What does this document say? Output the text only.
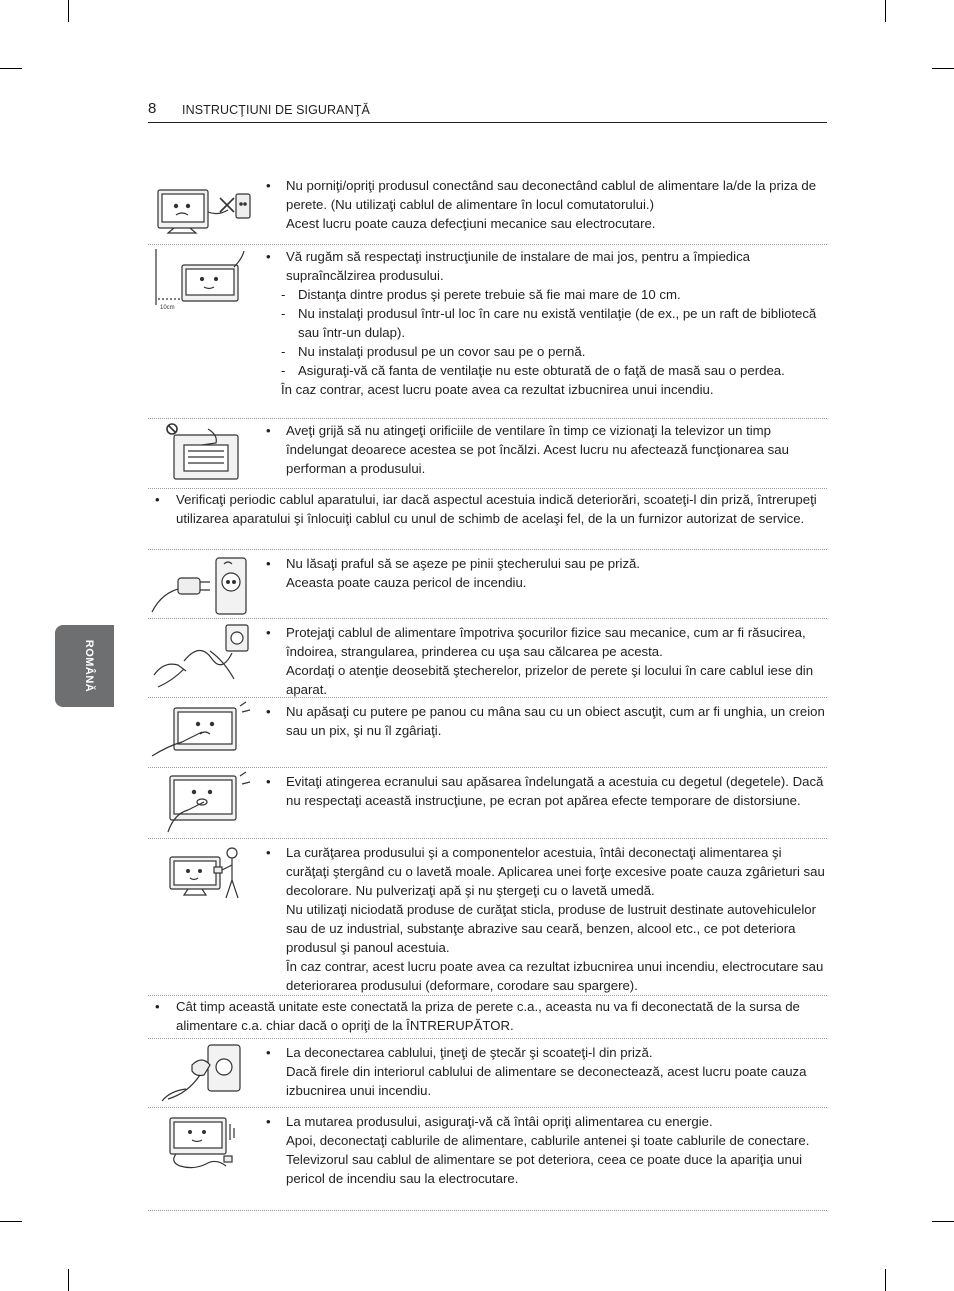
8 INSTRUCŢIUNI DE SIGURANŢĂ
ROMÂNĂ
• Nu porniţi/opriţi produsul conectând sau deconectând cablul de alimentare la/de la priza de perete. (Nu utilizaţi cablul de alimentare în locul comutatorului.)
Acest lucru poate cauza defecţiuni mecanice sau electrocutare.
10cm
• Vă rugăm să respectaţi instrucţiunile de instalare de mai jos, pentru a împiedica supraîncălzirea produsului.
- Distanţa dintre produs şi perete trebuie să fie mai mare de 10 cm.
- Nu instalaţi produsul într-ul loc în care nu există ventilaţie (de ex., pe un raft de bibliotecă sau într-un dulap).
- Nu instalaţi produsul pe un covor sau pe o pernă.
- Asiguraţi-vă că fanta de ventilaţie nu este obturată de o faţă de masă sau o perdea.
În caz contrar, acest lucru poate avea ca rezultat izbucnirea unui incendiu.
• Aveţi grijă să nu atingeţi orificiile de ventilare în timp ce vizionaţi la televizor un timp îndelungat deoarece acestea se pot încălzi. Acest lucru nu afectează funcţionarea sau performan a produsului.
• Verificaţi periodic cablul aparatului, iar dacă aspectul acestuia indică deteriorări, scoateţi-l din priză, întrerupeţi utilizarea aparatului şi înlocuiţi cablul cu unul de schimb de acelaşi fel, de la un furnizor autorizat de service.
• Nu lăsaţi praful să se aşeze pe pinii ştecherului sau pe priză.
Aceasta poate cauza pericol de incendiu.
• Protejaţi cablul de alimentare împotriva şocurilor fizice sau mecanice, cum ar fi răsucirea, îndoirea, strangularea, prinderea cu uşa sau călcarea pe acesta.
Acordaţi o atenţie deosebită ştecherelor, prizelor de perete şi locului în care cablul iese din aparat.
• Nu apăsaţi cu putere pe panou cu mâna sau cu un obiect ascuţit, cum ar fi unghia, un creion sau un pix, şi nu îl zgâriaţi.
• Evitaţi atingerea ecranului sau apăsarea îndelungată a acestuia cu degetul (degetele). Dacă nu respectaţi această instrucţiune, pe ecran pot apărea efecte temporare de distorsiune.
• La curăţarea produsului şi a componentelor acestuia, întâi deconectaţi alimentarea şi curăţaţi ştergând cu o lavetă moale. Aplicarea unei forţe excesive poate cauza zgârieturi sau decolorare. Nu pulverizaţi apă şi nu ştergeţi cu o lavetă umedă.
Nu utilizaţi niciodată produse de curăţat sticla, produse de lustruit destinate autovehiculelor sau de uz industrial, substanţe abrazive sau ceară, benzen, alcool etc., ce pot deteriora produsul şi panoul acestuia.
În caz contrar, acest lucru poate avea ca rezultat izbucnirea unui incendiu, electrocutare sau deteriorarea produsului (deformare, corodare sau spargere).
• Cât timp această unitate este conectată la priza de perete c.a., aceasta nu va fi deconectată de la sursa de alimentare c.a. chiar dacă o opriţi de la ÎNTRERUPĂTOR.
• La deconectarea cablului, ţineţi de ştecăr şi scoateţi-l din priză.
Dacă firele din interiorul cablului de alimentare se deconectează, acest lucru poate cauza izbucnirea unui incendiu.
• La mutarea produsului, asiguraţi-vă că întâi opriţi alimentarea cu energie.
Apoi, deconectaţi cablurile de alimentare, cablurile antenei şi toate cablurile de conectare.
Televizorul sau cablul de alimentare se pot deteriora, ceea ce poate duce la apariţia unui pericol de incendiu sau la electrocutare.
